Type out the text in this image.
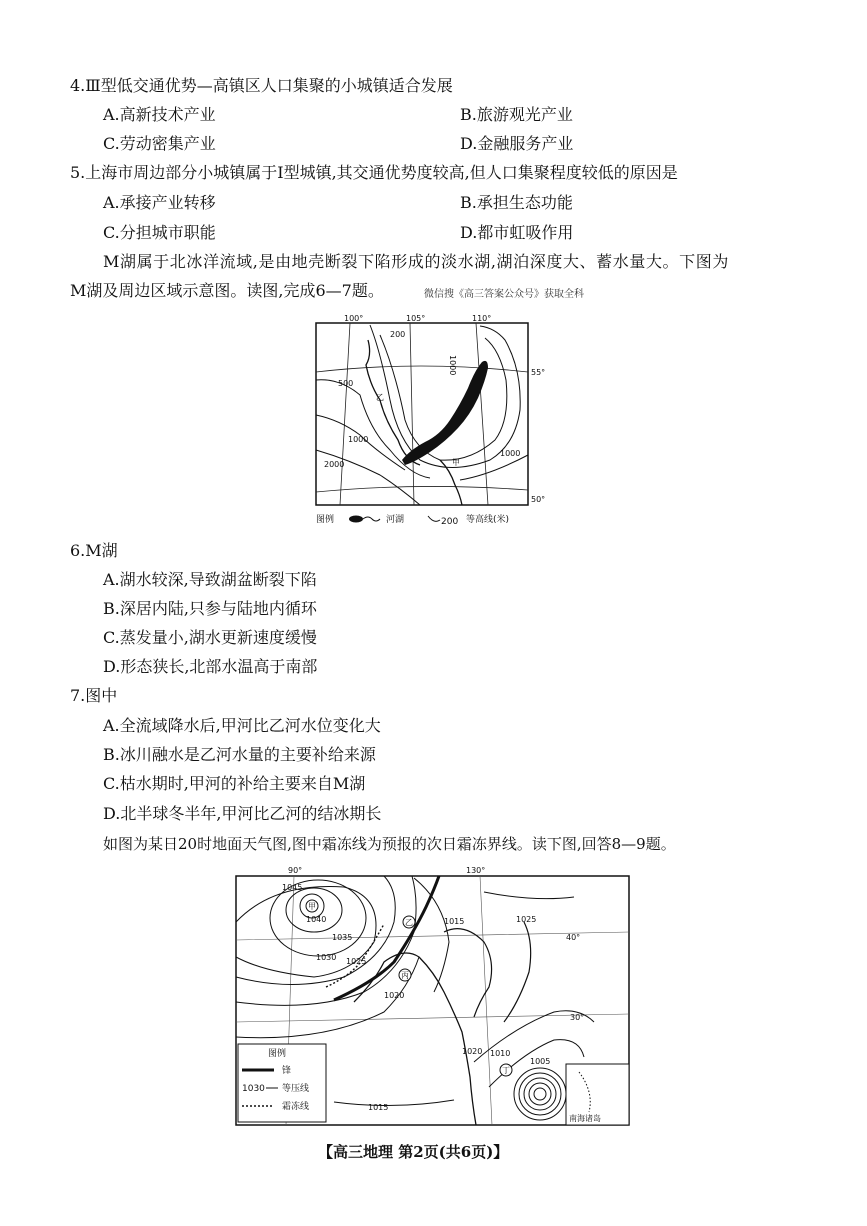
4.Ⅲ型低交通优势—高镇区人口集聚的小城镇适合发展
A.高新技术产业	B.旅游观光产业
C.劳动密集产业	D.金融服务产业
5.上海市周边部分小城镇属于Ⅰ型城镇,其交通优势度较高,但人口集聚程度较低的原因是
A.承接产业转移	B.承担生态功能
C.分担城市职能	D.都市虹吸作用
M湖属于北冰洋流域,是由地壳断裂下陷形成的淡水湖,湖泊深度大、蓄水量大。下图为
M湖及周边区域示意图。读图,完成6—7题。	微信搜《高三答案公众号》获取全科
100°	105°	110°
55°
50°
200
1000
500
1000
2000
1000
乙
甲
图例	河湖	200 等高线(米)
6.M湖
A.湖水较深,导致湖盆断裂下陷
B.深居内陆,只参与陆地内循环
C.蒸发量小,湖水更新速度缓慢
D.形态狭长,北部水温高于南部
7.图中
A.全流域降水后,甲河比乙河水位变化大
B.冰川融水是乙河水量的主要补给来源
C.枯水期时,甲河的补给主要来自M湖
D.北半球冬半年,甲河比乙河的结冰期长
如图为某日20时地面天气图,图中霜冻线为预报的次日霜冻界线。读下图,回答8—9题。
甲
乙
丙
丁
90°	130°
40°
30°
1045
1040
1035
1030 1025
1020
1015	1025
1020 1010
1005
1015
图例
锋
1030 等压线
霜冻线
南海诸岛
【高三地理 第2页(共6页)】
